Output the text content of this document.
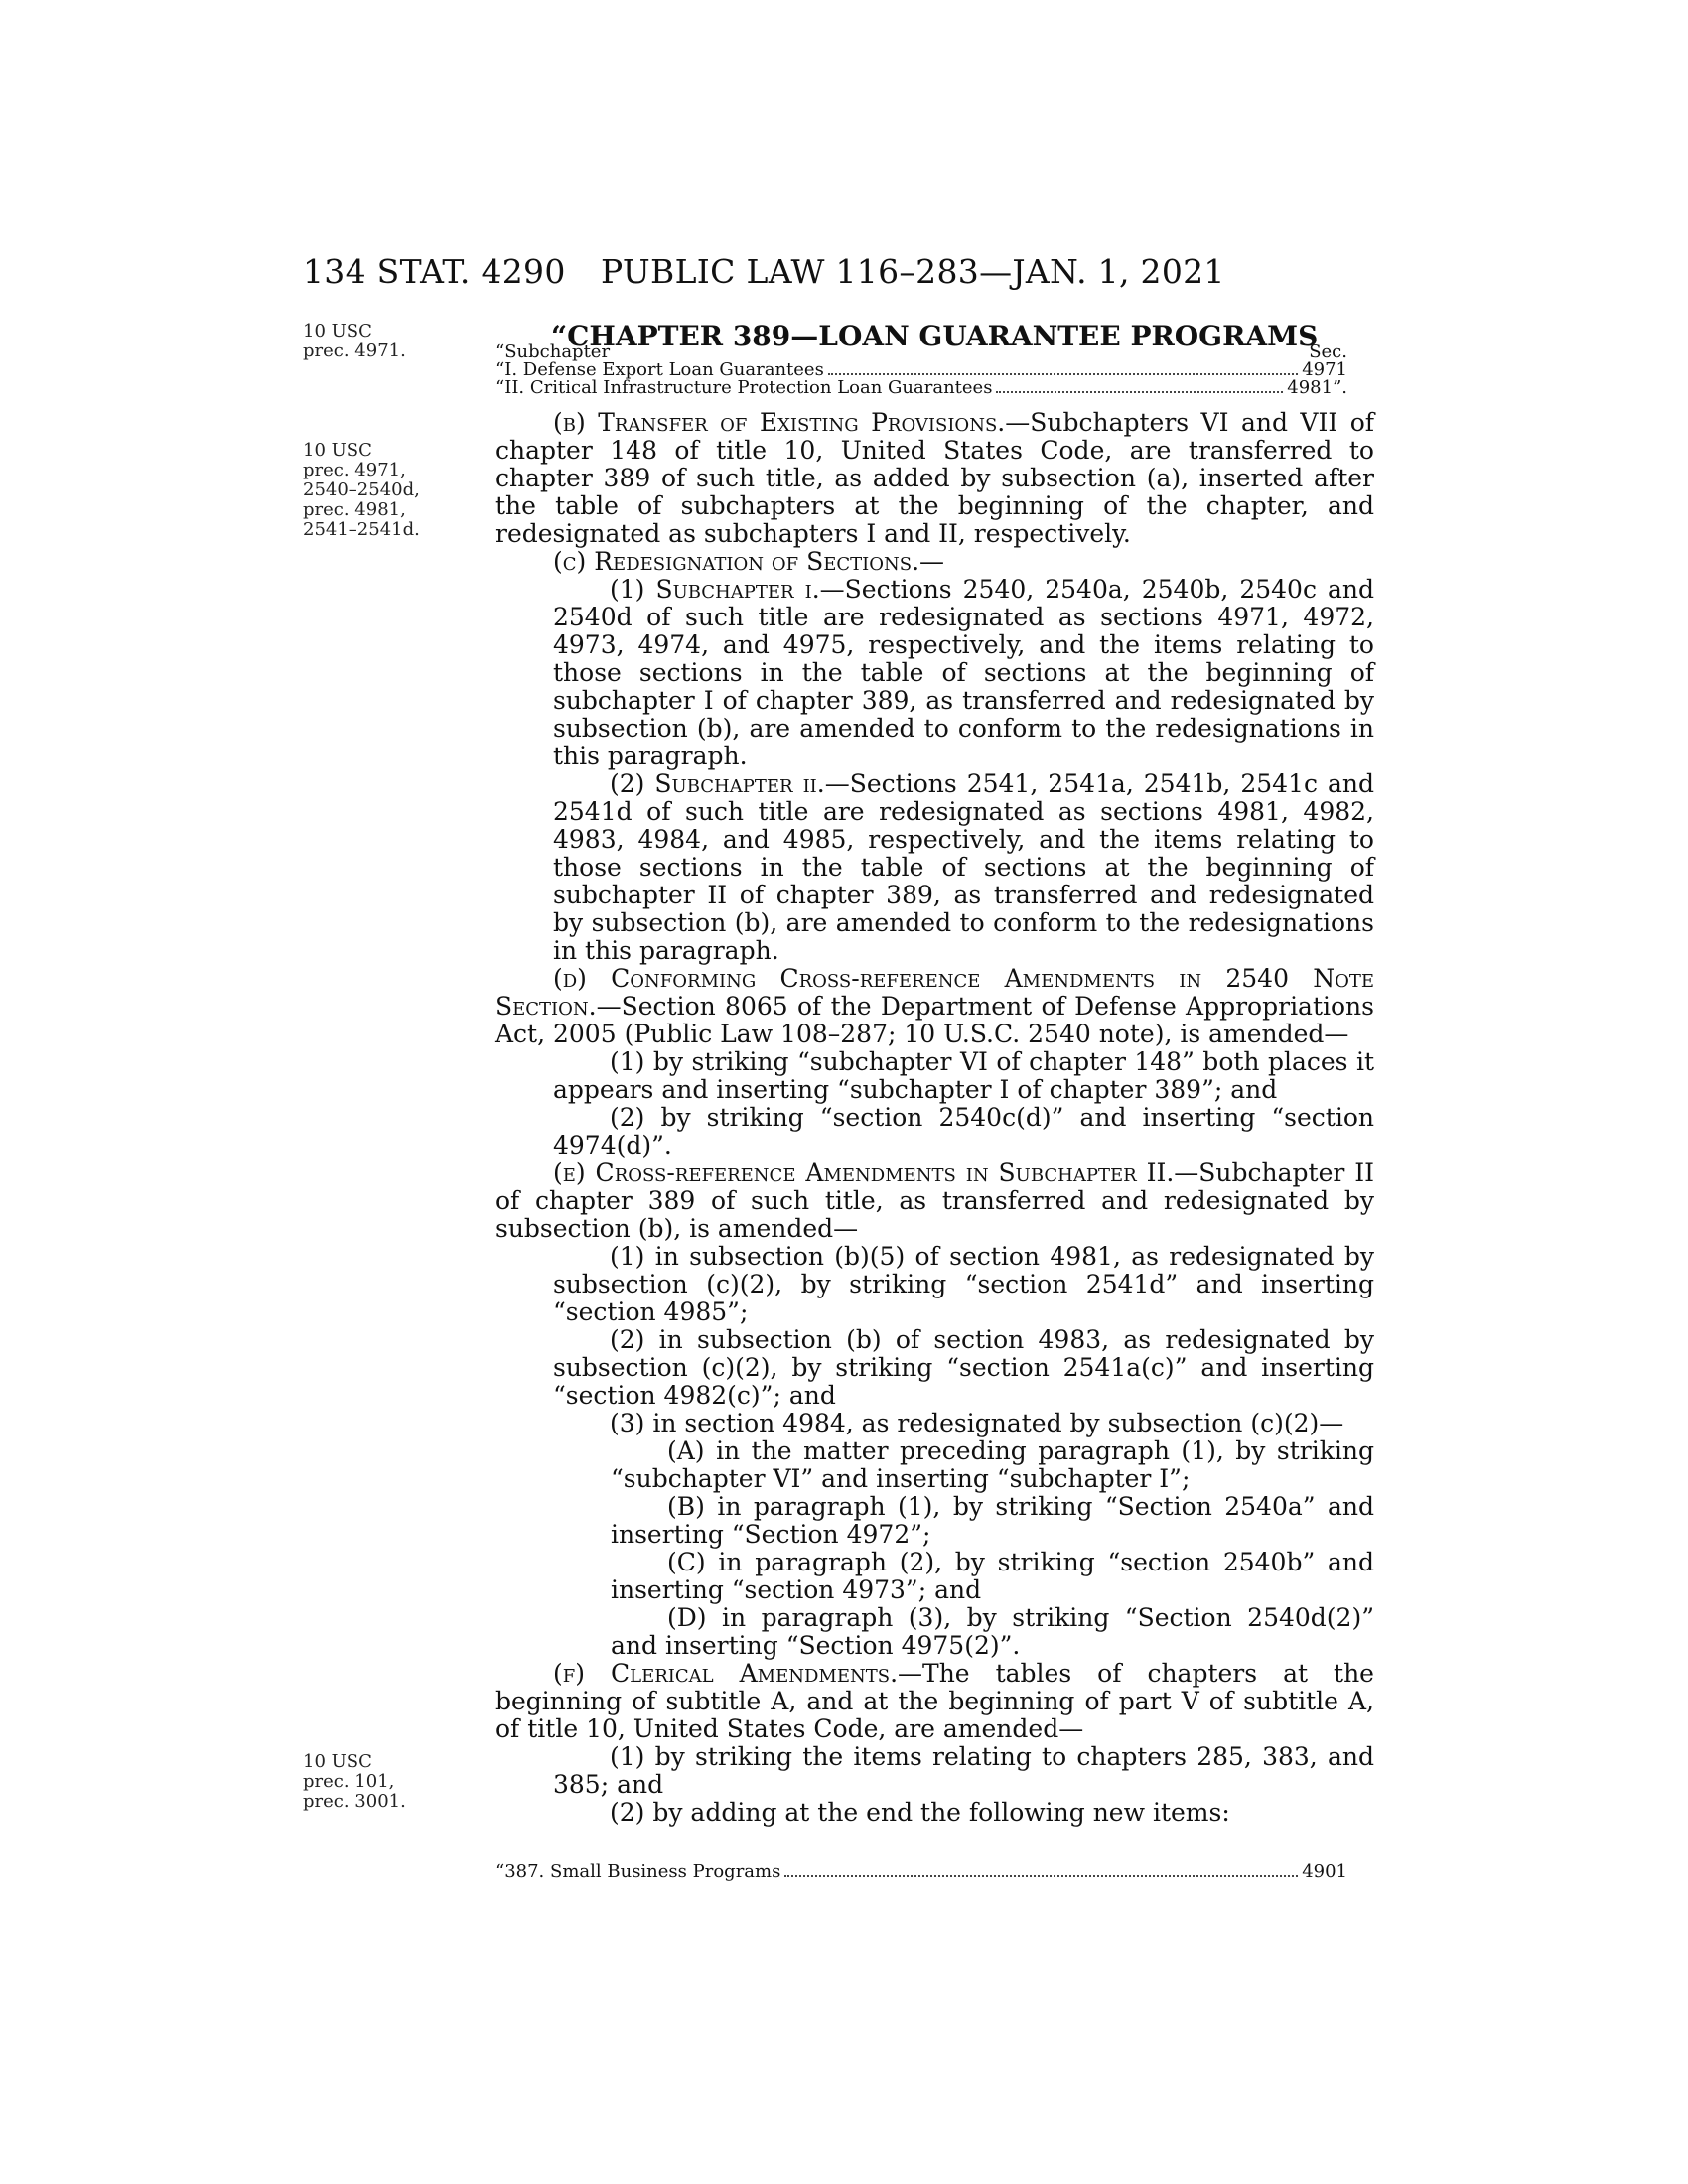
134 STAT. 4290 PUBLIC LAW 116–283—JAN. 1, 2021
10 USC
prec. 4971.
10 USC
prec. 4971,
2540–2540d,
prec. 4981,
2541–2541d.
10 USC
prec. 101,
prec. 3001.
“CHAPTER 389—LOAN GUARANTEE PROGRAMS
“Subchapter	Sec.
“I. Defense Export Loan Guarantees	4971
“II. Critical Infrastructure Protection Loan Guarantees	4981”.

(b) Transfer of Existing Provisions.—Subchapters VI and VII of chapter 148 of title 10, United States Code, are transferred to chapter 389 of such title, as added by subsection (a), inserted after the table of subchapters at the beginning of the chapter, and redesignated as subchapters I and II, respectively.

(c) Redesignation of Sections.—

(1) Subchapter i.—Sections 2540, 2540a, 2540b, 2540c and 2540d of such title are redesignated as sections 4971, 4972, 4973, 4974, and 4975, respectively, and the items relating to those sections in the table of sections at the beginning of subchapter I of chapter 389, as transferred and redesignated by subsection (b), are amended to conform to the redesignations in this paragraph.

(2) Subchapter ii.—Sections 2541, 2541a, 2541b, 2541c and 2541d of such title are redesignated as sections 4981, 4982, 4983, 4984, and 4985, respectively, and the items relating to those sections in the table of sections at the beginning of subchapter II of chapter 389, as transferred and redesignated by subsection (b), are amended to conform to the redesignations in this paragraph.

(d) Conforming Cross-reference Amendments in 2540 Note Section.—Section 8065 of the Department of Defense Appropriations Act, 2005 (Public Law 108–287; 10 U.S.C. 2540 note), is amended—

(1) by striking “subchapter VI of chapter 148” both places it appears and inserting “subchapter I of chapter 389”; and

(2) by striking “section 2540c(d)” and inserting “section 4974(d)”.

(e) Cross-reference Amendments in Subchapter II.—Subchapter II of chapter 389 of such title, as transferred and redesignated by subsection (b), is amended—

(1) in subsection (b)(5) of section 4981, as redesignated by subsection (c)(2), by striking “section 2541d” and inserting “section 4985”;

(2) in subsection (b) of section 4983, as redesignated by subsection (c)(2), by striking “section 2541a(c)” and inserting “section 4982(c)”; and

(3) in section 4984, as redesignated by subsection (c)(2)—

(A) in the matter preceding paragraph (1), by striking “subchapter VI” and inserting “subchapter I”;

(B) in paragraph (1), by striking “Section 2540a” and inserting “Section 4972”;

(C) in paragraph (2), by striking “section 2540b” and inserting “section 4973”; and

(D) in paragraph (3), by striking “Section 2540d(2)” and inserting “Section 4975(2)”.

(f) Clerical Amendments.—The tables of chapters at the beginning of subtitle A, and at the beginning of part V of subtitle A, of title 10, United States Code, are amended—

(1) by striking the items relating to chapters 285, 383, and 385; and

(2) by adding at the end the following new items:

“387. Small Business Programs	4901
